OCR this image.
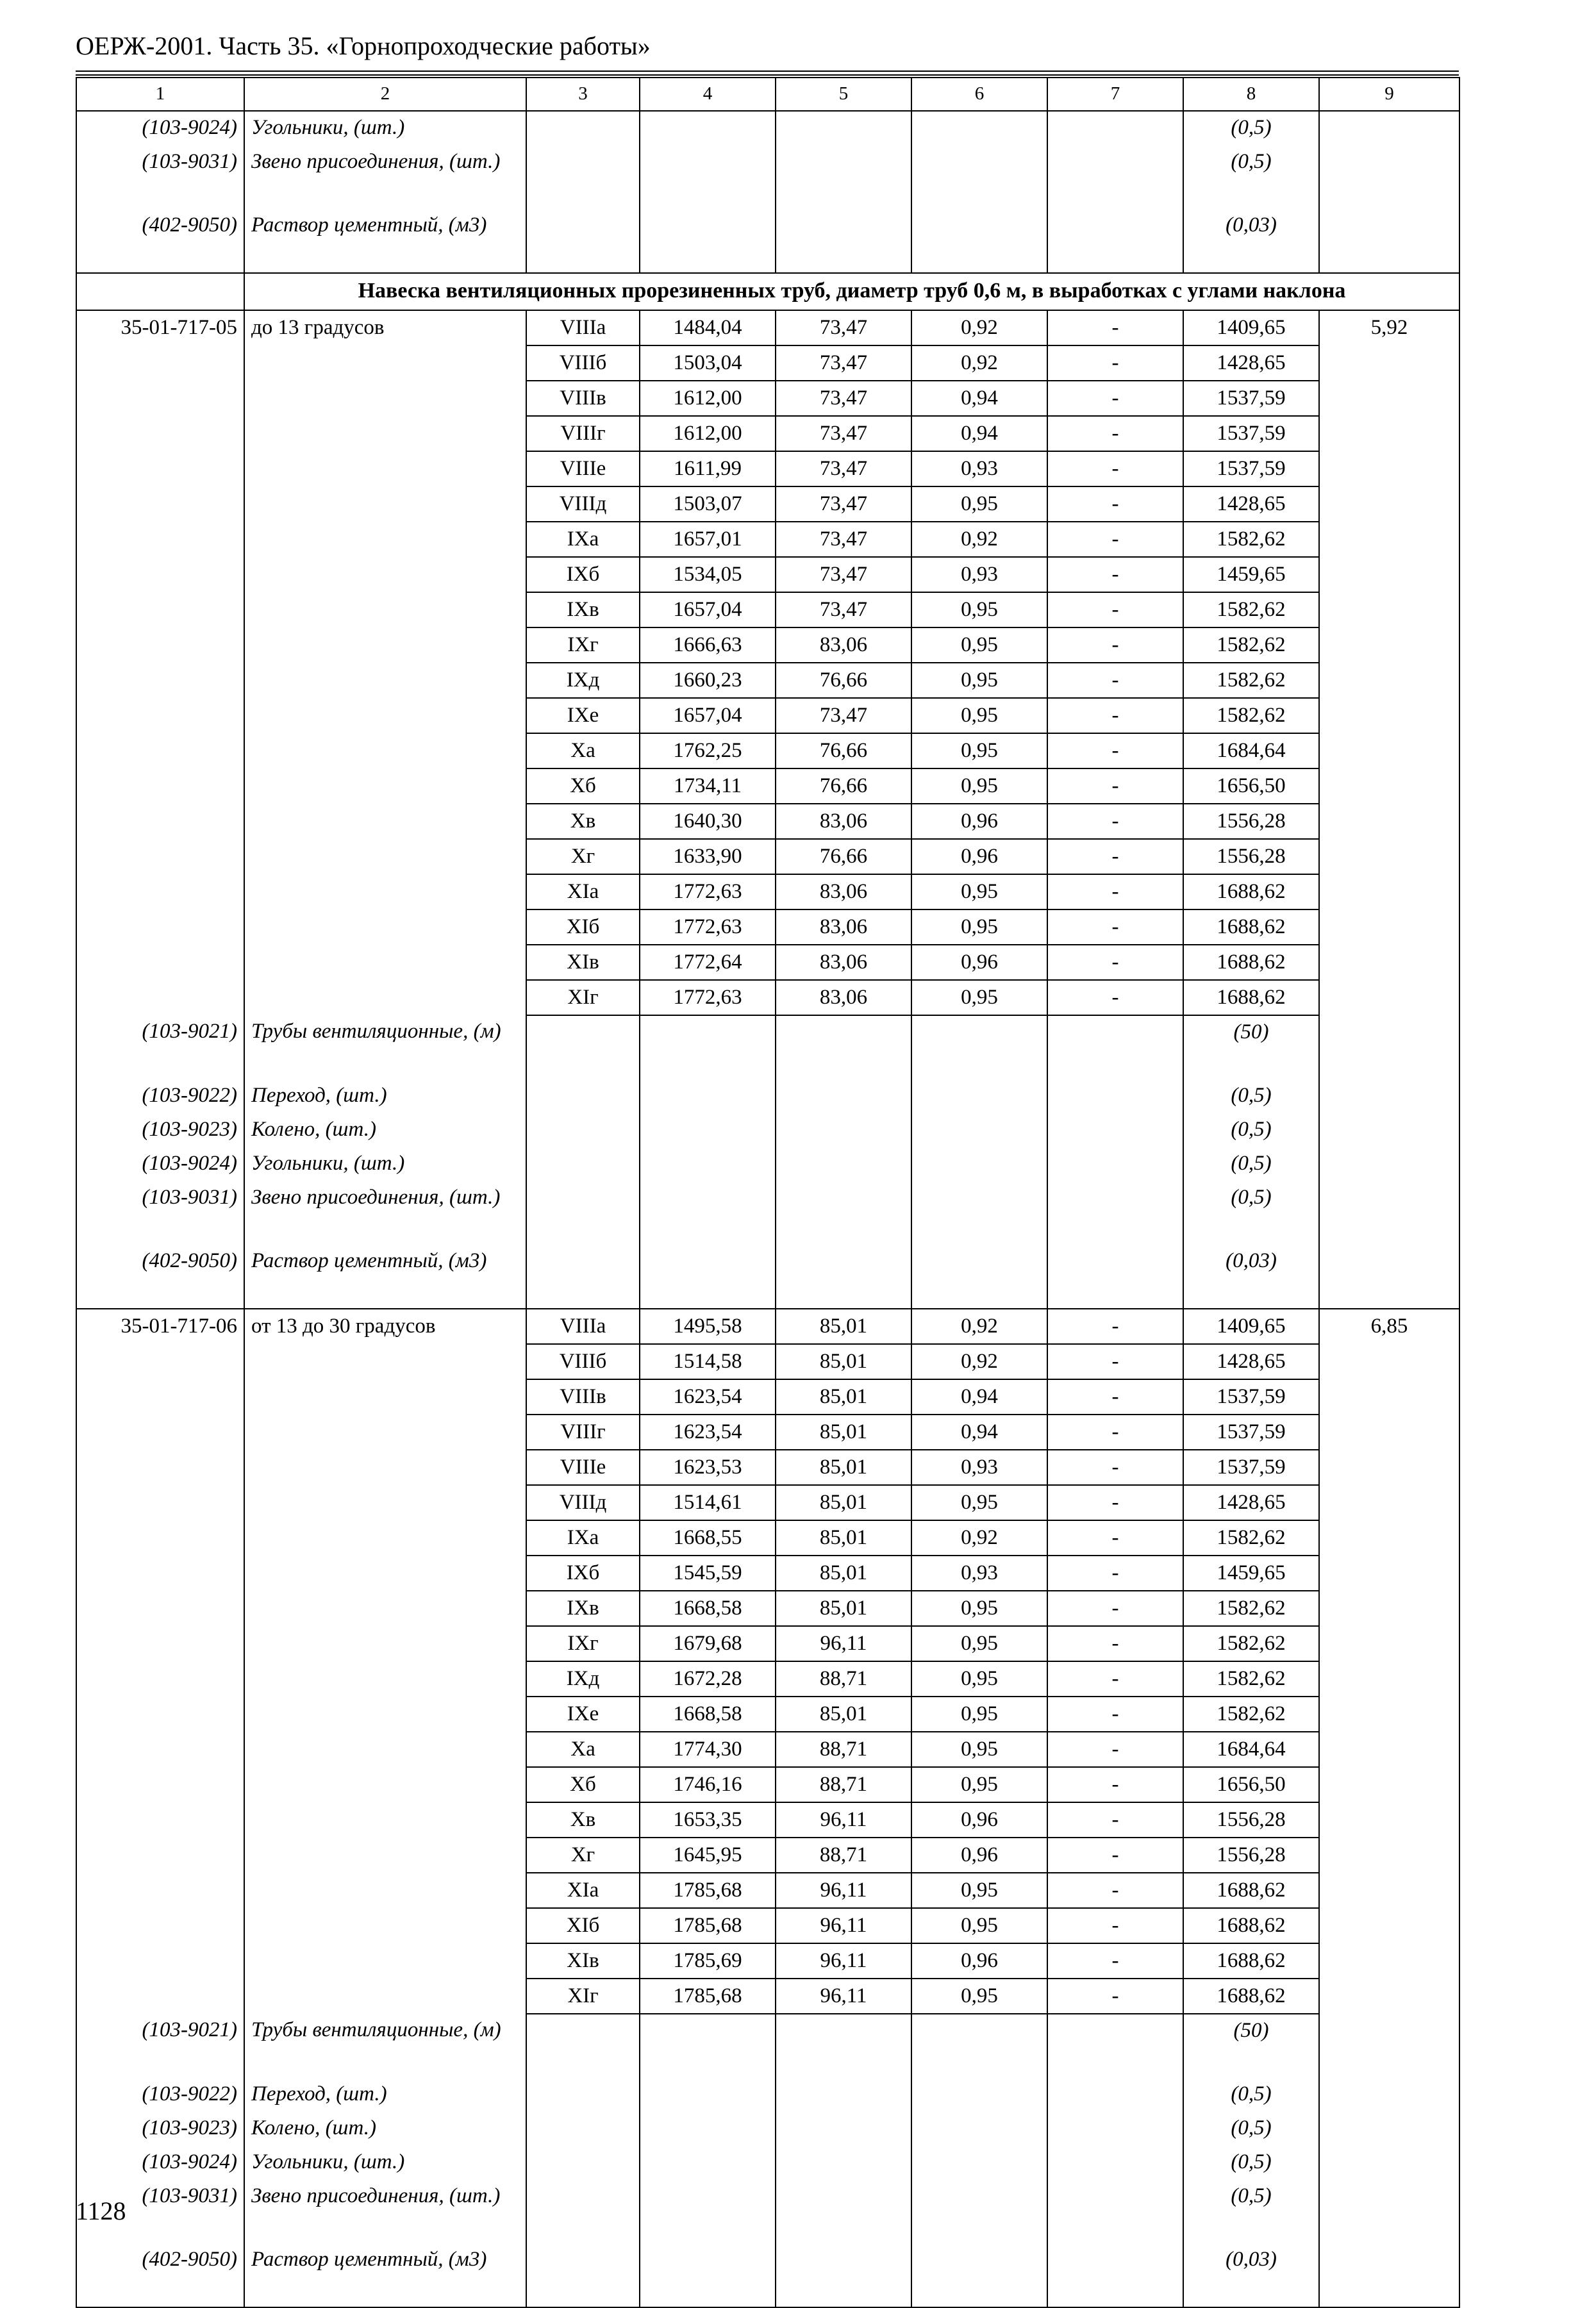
ОЕРЖ-2001. Часть 35. «Горнопроходческие работы»
1	2	3	4	5	6	7	8	9
(103-9024)	Угольники, (шт.)						(0,5)	
(103-9031)	Звено присоединения, (шт.)						(0,5)	
(402-9050)	Раствор цементный, (м3)						(0,03)	
	Навеска вентиляционных прорезиненных труб, диаметр труб 0,6 м, в выработках с углами наклона							
35-01-717-05	до 13 градусов	VIIIа	1484,04	73,47	0,92	-	1409,65	5,92
		VIIIб	1503,04	73,47	0,92	-	1428,65	
		VIIIв	1612,00	73,47	0,94	-	1537,59	
		VIIIг	1612,00	73,47	0,94	-	1537,59	
		VIIIе	1611,99	73,47	0,93	-	1537,59	
		VIIIд	1503,07	73,47	0,95	-	1428,65	
		IXа	1657,01	73,47	0,92	-	1582,62	
		IXб	1534,05	73,47	0,93	-	1459,65	
		IXв	1657,04	73,47	0,95	-	1582,62	
		IXг	1666,63	83,06	0,95	-	1582,62	
		IXд	1660,23	76,66	0,95	-	1582,62	
		IXе	1657,04	73,47	0,95	-	1582,62	
		Xа	1762,25	76,66	0,95	-	1684,64	
		Xб	1734,11	76,66	0,95	-	1656,50	
		Xв	1640,30	83,06	0,96	-	1556,28	
		Xг	1633,90	76,66	0,96	-	1556,28	
		XIа	1772,63	83,06	0,95	-	1688,62	
		XIб	1772,63	83,06	0,95	-	1688,62	
		XIв	1772,64	83,06	0,96	-	1688,62	
		XIг	1772,63	83,06	0,95	-	1688,62	
(103-9021)	Трубы вентиляционные, (м)						(50)	
(103-9022)	Переход, (шт.)						(0,5)	
(103-9023)	Колено, (шт.)						(0,5)	
(103-9024)	Угольники, (шт.)						(0,5)	
(103-9031)	Звено присоединения, (шт.)						(0,5)	
(402-9050)	Раствор цементный, (м3)						(0,03)	
35-01-717-06	от 13 до 30 градусов	VIIIа	1495,58	85,01	0,92	-	1409,65	6,85
		VIIIб	1514,58	85,01	0,92	-	1428,65	
		VIIIв	1623,54	85,01	0,94	-	1537,59	
		VIIIг	1623,54	85,01	0,94	-	1537,59	
		VIIIе	1623,53	85,01	0,93	-	1537,59	
		VIIIд	1514,61	85,01	0,95	-	1428,65	
		IXа	1668,55	85,01	0,92	-	1582,62	
		IXб	1545,59	85,01	0,93	-	1459,65	
		IXв	1668,58	85,01	0,95	-	1582,62	
		IXг	1679,68	96,11	0,95	-	1582,62	
		IXд	1672,28	88,71	0,95	-	1582,62	
		IXе	1668,58	85,01	0,95	-	1582,62	
		Xа	1774,30	88,71	0,95	-	1684,64	
		Xб	1746,16	88,71	0,95	-	1656,50	
		Xв	1653,35	96,11	0,96	-	1556,28	
		Xг	1645,95	88,71	0,96	-	1556,28	
		XIа	1785,68	96,11	0,95	-	1688,62	
		XIб	1785,68	96,11	0,95	-	1688,62	
		XIв	1785,69	96,11	0,96	-	1688,62	
		XIг	1785,68	96,11	0,95	-	1688,62	
(103-9021)	Трубы вентиляционные, (м)						(50)	
(103-9022)	Переход, (шт.)						(0,5)	
(103-9023)	Колено, (шт.)						(0,5)	
(103-9024)	Угольники, (шт.)						(0,5)	
(103-9031)	Звено присоединения, (шт.)						(0,5)	
(402-9050)	Раствор цементный, (м3)						(0,03)	
1128
